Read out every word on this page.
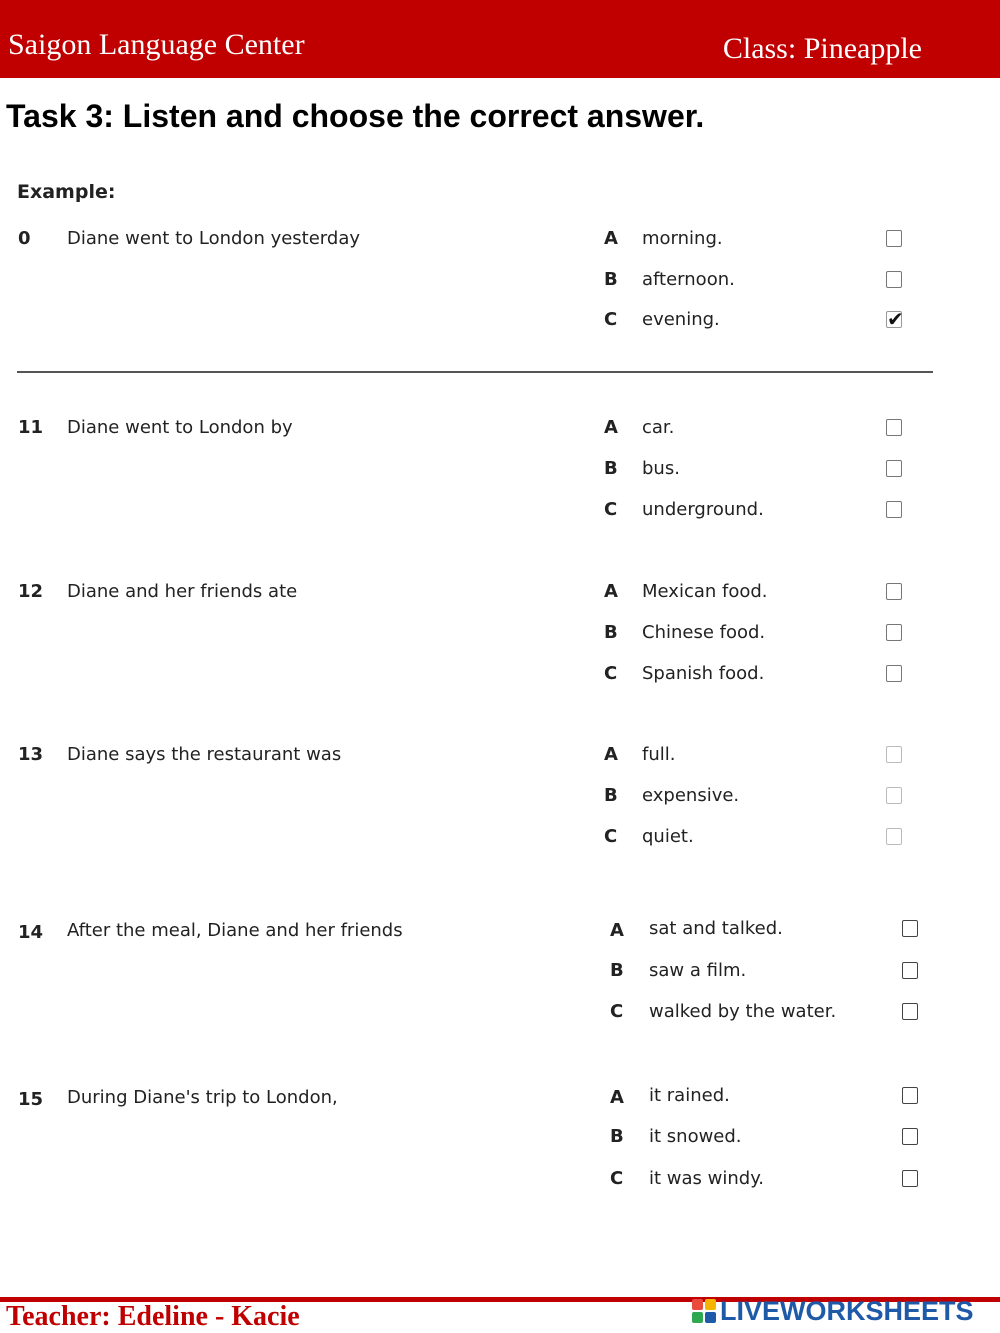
Saigon Language Center	Class: Pineapple
Task 3: Listen and choose the correct answer.
Example:
0 Diane went to London yesterday	A morning.
B afternoon.
C evening.	✔
11 Diane went to London by	A car.
B bus.
C underground.
12 Diane and her friends ate	A Mexican food.
B Chinese food.
C Spanish food.
13 Diane says the restaurant was	A full.
B expensive.
C quiet.
14 After the meal, Diane and her friends	A sat and talked.
B saw a film.
C walked by the water.
15 During Diane's trip to London,	A it rained.
B it snowed.
C it was windy.
Teacher: Edeline - Kacie	LIVEWORKSHEETS
